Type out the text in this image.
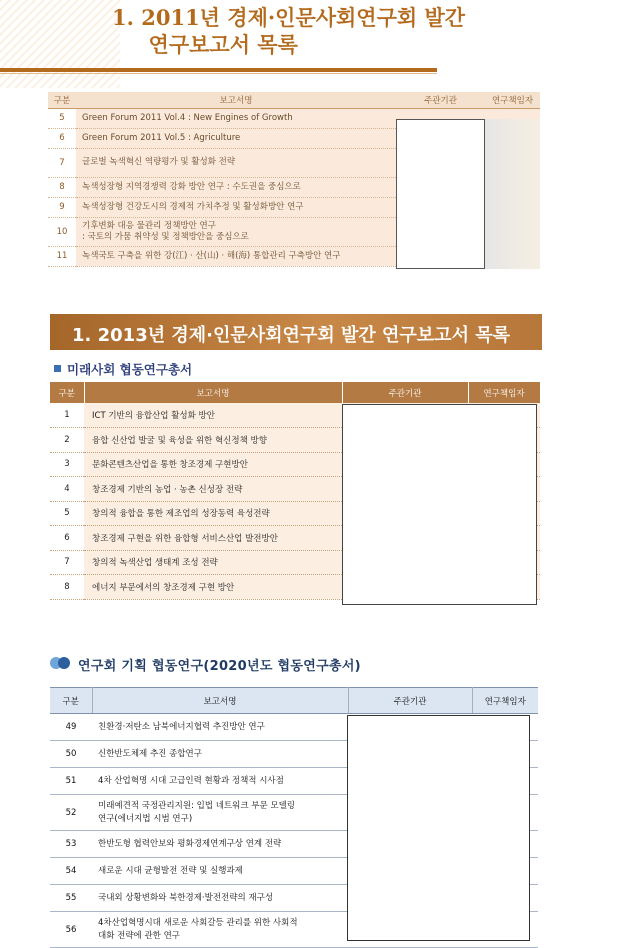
1. 2011년 경제·인문사회연구회 발간
연구보고서 목록
구분	보고서명	주관기관	연구책임자
5	Green Forum 2011 Vol.4 : New Engines of Growth		
6	Green Forum 2011 Vol.5 : Agriculture		
7	글로벌 녹색혁신 역량평가 및 활성화 전략		
8	녹색성장형 지역경쟁력 강화 방안 연구 : 수도권을 중심으로		
9	녹색성장형 건강도시의 경제적 가치추정 및 활성화방안 연구		
10	기후변화 대응 물관리 정책방안 연구
: 국토의 가뭄 취약성 및 정책방안을 중심으로		
11	녹색국토 구축을 위한 강(江) · 산(山) · 해(海) 통합관리 구축방안 연구		
1. 2013년 경제·인문사회연구회 발간 연구보고서 목록
미래사회 협동연구총서
구분	보고서명	주관기관	연구책임자
1	ICT 기반의 융합산업 활성화 방안		
2	융합 신산업 발굴 및 육성을 위한 혁신정책 방향		
3	문화콘텐츠산업을 통한 창조경제 구현방안		
4	창조경제 기반의 농업 · 농촌 신성장 전략		
5	창의적 융합을 통한 제조업의 성장동력 육성전략		
6	창조경제 구현을 위한 융합형 서비스산업 발전방안		
7	창의적 녹색산업 생태계 조성 전략		
8	에너지 부문에서의 창조경제 구현 방안		
연구회 기획 협동연구(2020년도 협동연구총서)
구분	보고서명	주관기관	연구책임자
49	친환경·저탄소 남북에너지협력 추진방안 연구		
50	신한반도체제 추진 종합연구		
51	4차 산업혁명 시대 고급인력 현황과 정책적 시사점		
52	미래예견적 국정관리지원: 입법 네트워크 부문 모델링
연구(에너지법 시범 연구)		
53	한반도형 협력안보와 평화경제연계구상 연계 전략		
54	새로운 시대 균형발전 전략 및 실행과제		
55	국내외 상황변화와 북한경제·발전전략의 재구성		
56	4차산업혁명시대 새로운 사회갈등 관리를 위한 사회적
대화 전략에 관한 연구		
